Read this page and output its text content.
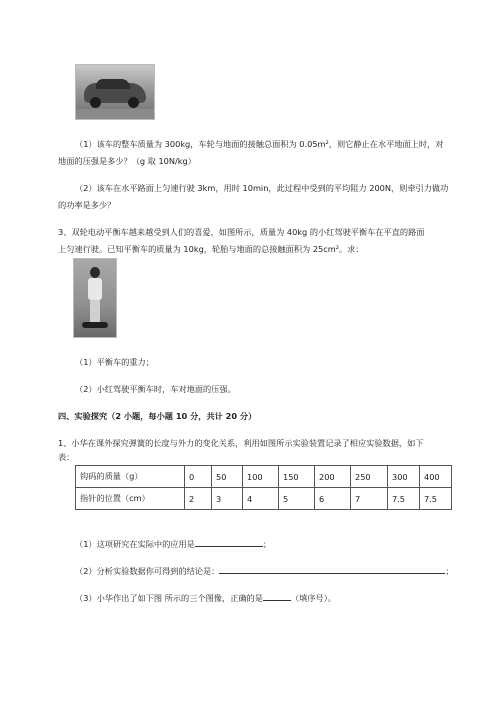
（1）该车的整车质量为 300kg，车轮与地面的接触总面积为 0.05m²，则它静止在水平地面上时，对
地面的压强是多少？（g 取 10N/kg）
（2）该车在水平路面上匀速行驶 3km，用时 10min，此过程中受到的平均阻力 200N，则牵引力做功
的功率是多少？
3、双轮电动平衡车越来越受到人们的喜爱，如图所示，质量为 40kg 的小红驾驶平衡车在平直的路面
上匀速行驶。已知平衡车的质量为 10kg，轮胎与地面的总接触面积为 25cm²。求：
（1）平衡车的重力；
（2）小红驾驶平衡车时，车对地面的压强。
四、实验探究（2 小题，每小题 10 分，共计 20 分）
1、小华在课外探究弹簧的长度与外力的变化关系，利用如图所示实验装置记录了相应实验数据，如下
表：
钩码的质量（g）	0	50	100	150	200	250	300	400
指针的位置（cm）	2	3	4	5	6	7	7.5	7.5
（1）这项研究在实际中的应用是	；
（2）分析实验数据你可得到的结论是：	；
（3）小华作出了如下图 所示的三个图像，正确的是	（填序号）。
